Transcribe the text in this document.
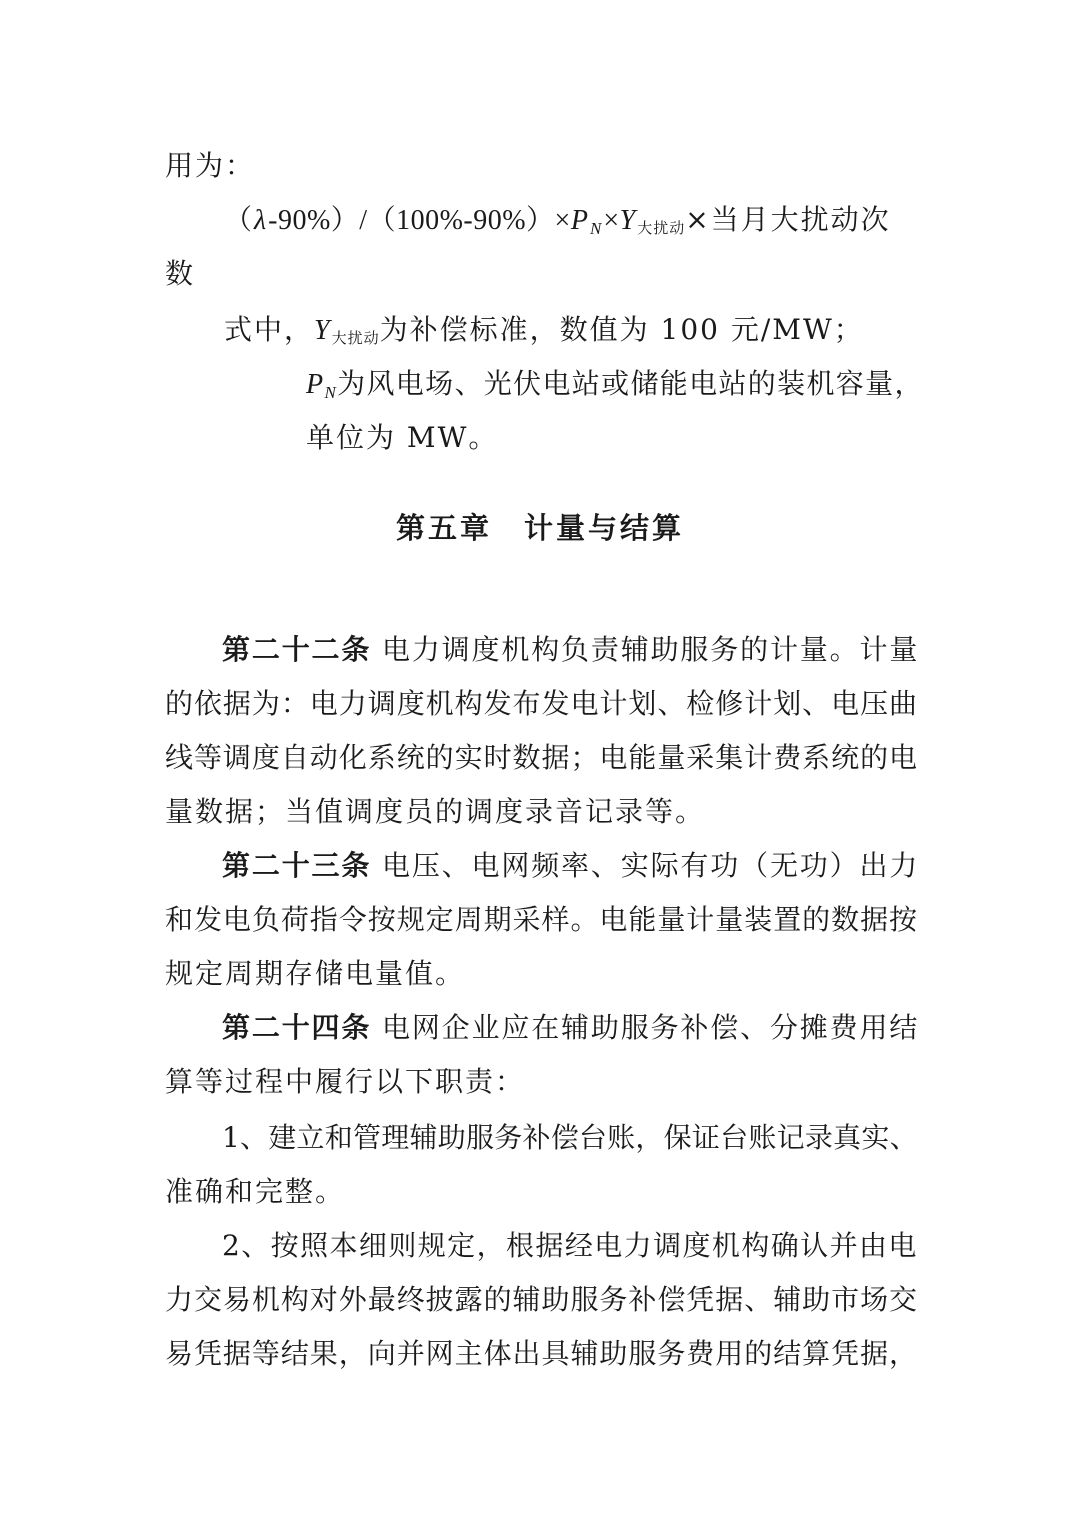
用为：
$(\lambda-90\%)/(100\%-90\%)\times PN\times Y_{大扰动}\times$当月大扰动次
数
式中，$Y_{大扰动}$为补偿标准，数值为 100 元/MW；
PN为风电场、光伏电站或储能电站的装机容量，
单位为 MW。
第五章　计量与结算
第二十二条 电力调度机构负责辅助服务的计量。计量
的依据为：电力调度机构发布发电计划、检修计划、电压曲
线等调度自动化系统的实时数据；电能量采集计费系统的电
量数据；当值调度员的调度录音记录等。
第二十三条 电压、电网频率、实际有功（无功）出力
和发电负荷指令按规定周期采样。电能量计量装置的数据按
规定周期存储电量值。
第二十四条 电网企业应在辅助服务补偿、分摊费用结
算等过程中履行以下职责：
1、建立和管理辅助服务补偿台账，保证台账记录真实、
准确和完整。
2、按照本细则规定，根据经电力调度机构确认并由电
力交易机构对外最终披露的辅助服务补偿凭据、辅助市场交
易凭据等结果，向并网主体出具辅助服务费用的结算凭据，
